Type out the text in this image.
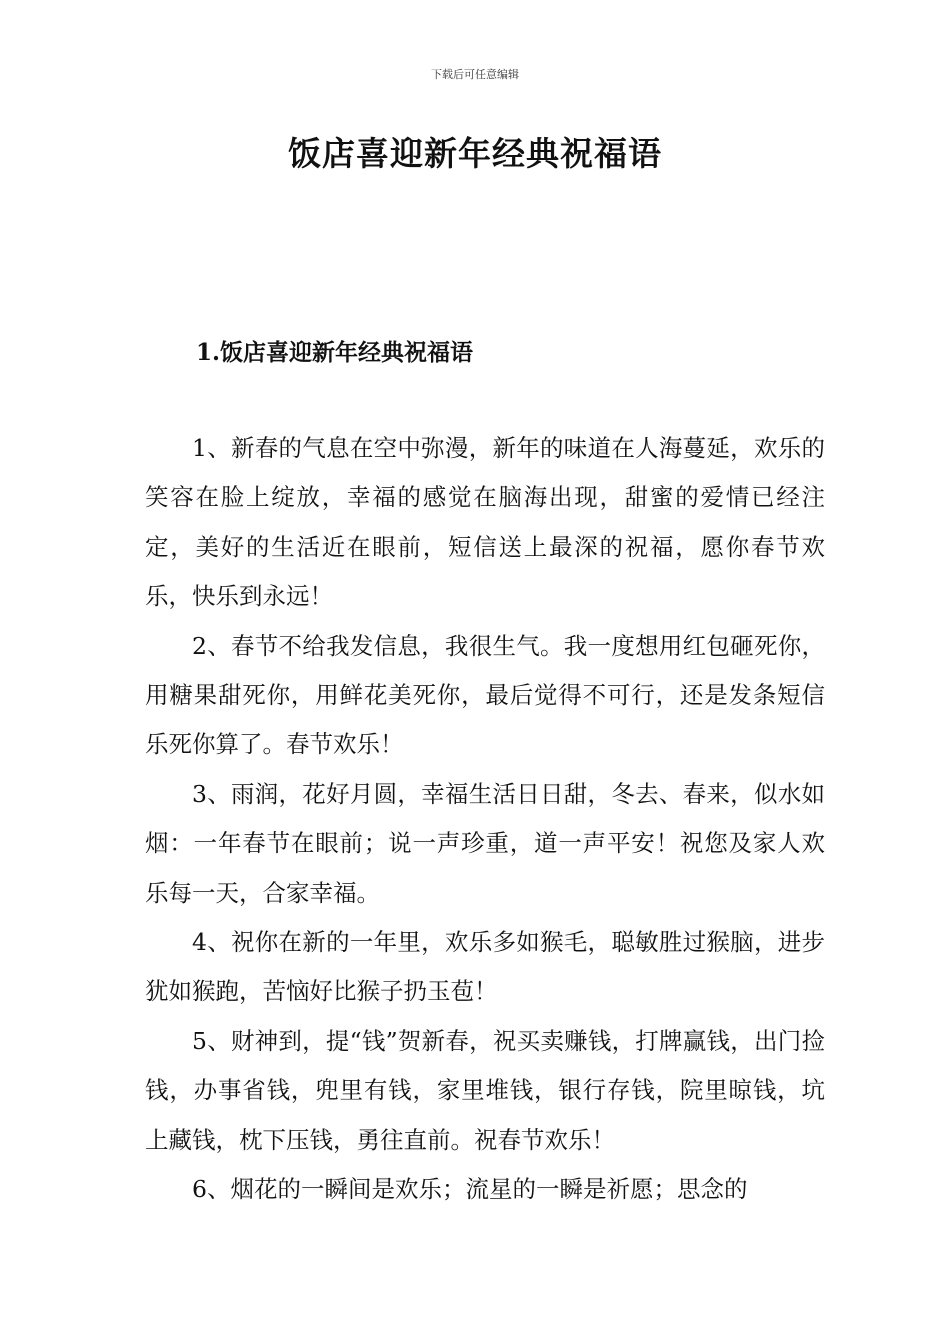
下载后可任意编辑
饭店喜迎新年经典祝福语
1.饭店喜迎新年经典祝福语

1、新春的气息在空中弥漫，新年的味道在人海蔓延，欢乐的笑容在脸上绽放，幸福的感觉在脑海出现，甜蜜的爱情已经注定，美好的生活近在眼前，短信送上最深的祝福，愿你春节欢乐，快乐到永远！

2、春节不给我发信息，我很生气。我一度想用红包砸死你，用糖果甜死你，用鲜花美死你，最后觉得不可行，还是发条短信乐死你算了。春节欢乐！

3、雨润，花好月圆，幸福生活日日甜，冬去、春来，似水如烟：一年春节在眼前；说一声珍重，道一声平安！祝您及家人欢乐每一天，合家幸福。

4、祝你在新的一年里，欢乐多如猴毛，聪敏胜过猴脑，进步犹如猴跑，苦恼好比猴子扔玉苞！

5、财神到，提“钱”贺新春，祝买卖赚钱，打牌赢钱，出门捡钱，办事省钱，兜里有钱，家里堆钱，银行存钱，院里晾钱，坑上藏钱，枕下压钱，勇往直前。祝春节欢乐！

6、烟花的一瞬间是欢乐；流星的一瞬是祈愿；思念的
